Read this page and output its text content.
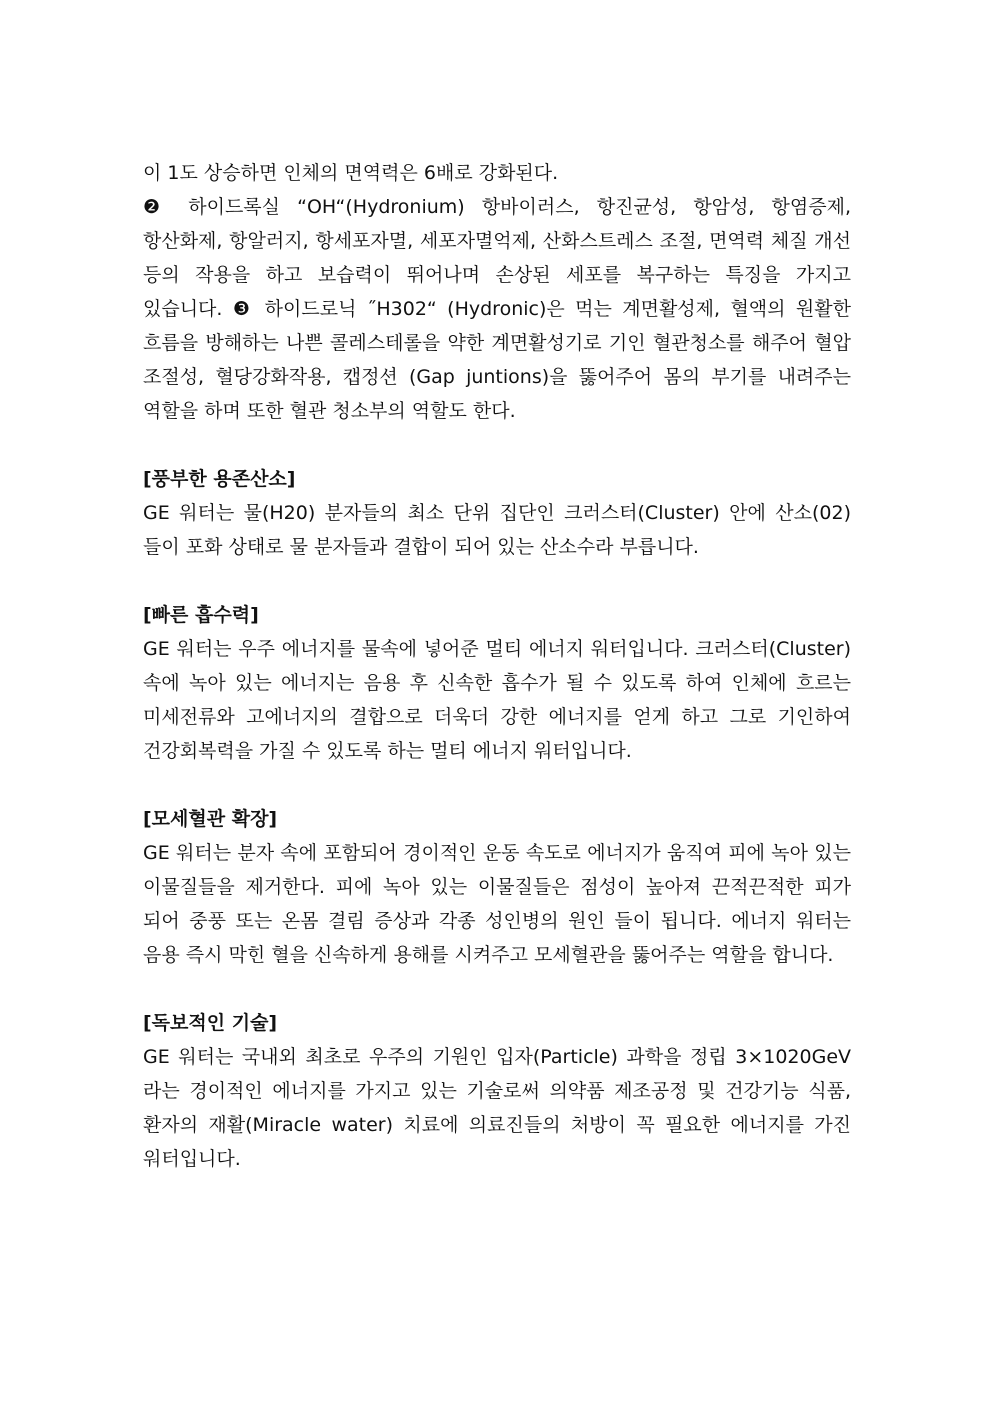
이 1도 상승하면 인체의 면역력은 6배로 강화된다.
❷ 하이드록실 “OH“(Hydronium) 항바이러스, 항진균성, 항암성, 항염증제, 항산화제, 항알러지, 항세포자멸, 세포자멸억제, 산화스트레스 조절, 면역력 체질 개선 등의 작용을 하고 보습력이 뛰어나며 손상된 세포를 복구하는 특징을 가지고 있습니다. ❸ 하이드로닉 ˝H302“ (Hydronic)은 먹는 계면활성제, 혈액의 원활한 흐름을 방해하는 나쁜 콜레스테롤을 약한 계면활성기로 기인 혈관청소를 해주어 혈압 조절성, 혈당강화작용, 캡정션 (Gap juntions)을 뚫어주어 몸의 부기를 내려주는 역할을 하며 또한 혈관 청소부의 역할도 한다.

[풍부한 용존산소]

GE 워터는 물(H20) 분자들의 최소 단위 집단인 크러스터(Cluster) 안에 산소(02)들이 포화 상태로 물 분자들과 결합이 되어 있는 산소수라 부릅니다.

[빠른 흡수력]

GE 워터는 우주 에너지를 물속에 넣어준 멀티 에너지 워터입니다. 크러스터(Cluster) 속에 녹아 있는 에너지는 음용 후 신속한 흡수가 될 수 있도록 하여 인체에 흐르는 미세전류와 고에너지의 결합으로 더욱더 강한 에너지를 얻게 하고 그로 기인하여 건강회복력을 가질 수 있도록 하는 멀티 에너지 워터입니다.

[모세혈관 확장]

GE 워터는 분자 속에 포함되어 경이적인 운동 속도로 에너지가 움직여 피에 녹아 있는 이물질들을 제거한다. 피에 녹아 있는 이물질들은 점성이 높아져 끈적끈적한 피가 되어 중풍 또는 온몸 결림 증상과 각종 성인병의 원인 들이 됩니다. 에너지 워터는 음용 즉시 막힌 혈을 신속하게 용해를 시켜주고 모세혈관을 뚫어주는 역할을 합니다.

[독보적인 기술]

GE 워터는 국내외 최초로 우주의 기원인 입자(Particle) 과학을 정립 3×1020GeV 라는 경이적인 에너지를 가지고 있는 기술로써 의약품 제조공정 및 건강기능 식품, 환자의 재활(Miracle water) 치료에 의료진들의 처방이 꼭 필요한 에너지를 가진 워터입니다.
